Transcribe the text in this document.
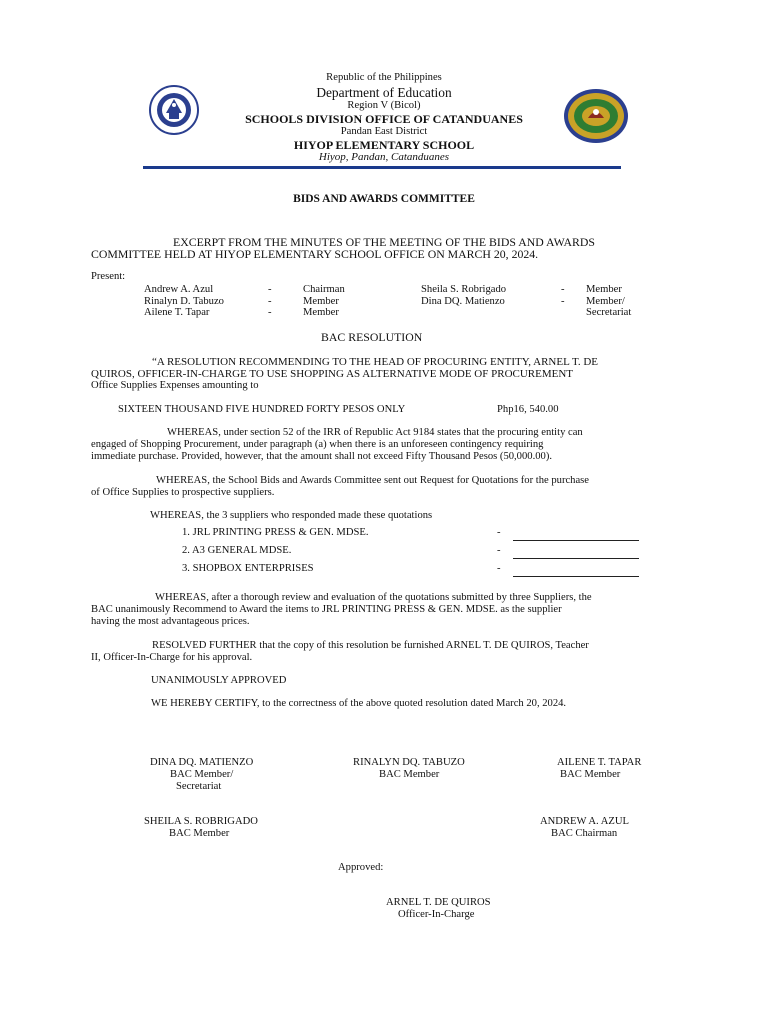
Republic of the Philippines
Department of Education
Region V (Bicol)
SCHOOLS DIVISION OFFICE OF CATANDUANES
Pandan East District
HIYOP ELEMENTARY SCHOOL
Hiyop, Pandan, Catanduanes
BIDS AND AWARDS COMMITTEE
EXCERPT FROM THE MINUTES OF THE MEETING OF THE BIDS AND AWARDS
COMMITTEE HELD AT HIYOP ELEMENTARY SCHOOL OFFICE ON MARCH 20, 2024.
Present:
Andrew A. Azul	-	Chairman
Rinalyn D. Tabuzo	-	Member
Ailene T. Tapar	-	Member
Sheila S. Robrigado	- Member
Dina DQ. Matienzo	- Member/
Secretariat
BAC RESOLUTION
“A RESOLUTION RECOMMENDING TO THE HEAD OF PROCURING ENTITY, ARNEL T. DE
QUIROS, OFFICER-IN-CHARGE TO USE SHOPPING AS ALTERNATIVE MODE OF PROCUREMENT
Office Supplies Expenses amounting to
SIXTEEN THOUSAND FIVE HUNDRED FORTY PESOS ONLY	Php16, 540.00
WHEREAS, under section 52 of the IRR of Republic Act 9184 states that the procuring entity can
engaged of Shopping Procurement, under paragraph (a) when there is an unforeseen contingency requiring
immediate purchase. Provided, however, that the amount shall not exceed Fifty Thousand Pesos (50,000.00).
WHEREAS, the School Bids and Awards Committee sent out Request for Quotations for the purchase
of Office Supplies to prospective suppliers.
WHEREAS, the 3 suppliers who responded made these quotations
1. JRL PRINTING PRESS & GEN. MDSE.	-
2. A3 GENERAL MDSE.	-
3. SHOPBOX ENTERPRISES	-
WHEREAS, after a thorough review and evaluation of the quotations submitted by three Suppliers, the
BAC unanimously Recommend to Award the items to JRL PRINTING PRESS & GEN. MDSE. as the supplier
having the most advantageous prices.
RESOLVED FURTHER that the copy of this resolution be furnished ARNEL T. DE QUIROS, Teacher
II, Officer-In-Charge for his approval.
UNANIMOUSLY APPROVED
WE HEREBY CERTIFY, to the correctness of the above quoted resolution dated March 20, 2024.
DINA DQ. MATIENZO
BAC Member/
Secretariat
RINALYN DQ. TABUZO
BAC Member
AILENE T. TAPAR
BAC Member
SHEILA S. ROBRIGADO
BAC Member
ANDREW A. AZUL
BAC Chairman
Approved:
ARNEL T. DE QUIROS
Officer-In-Charge
